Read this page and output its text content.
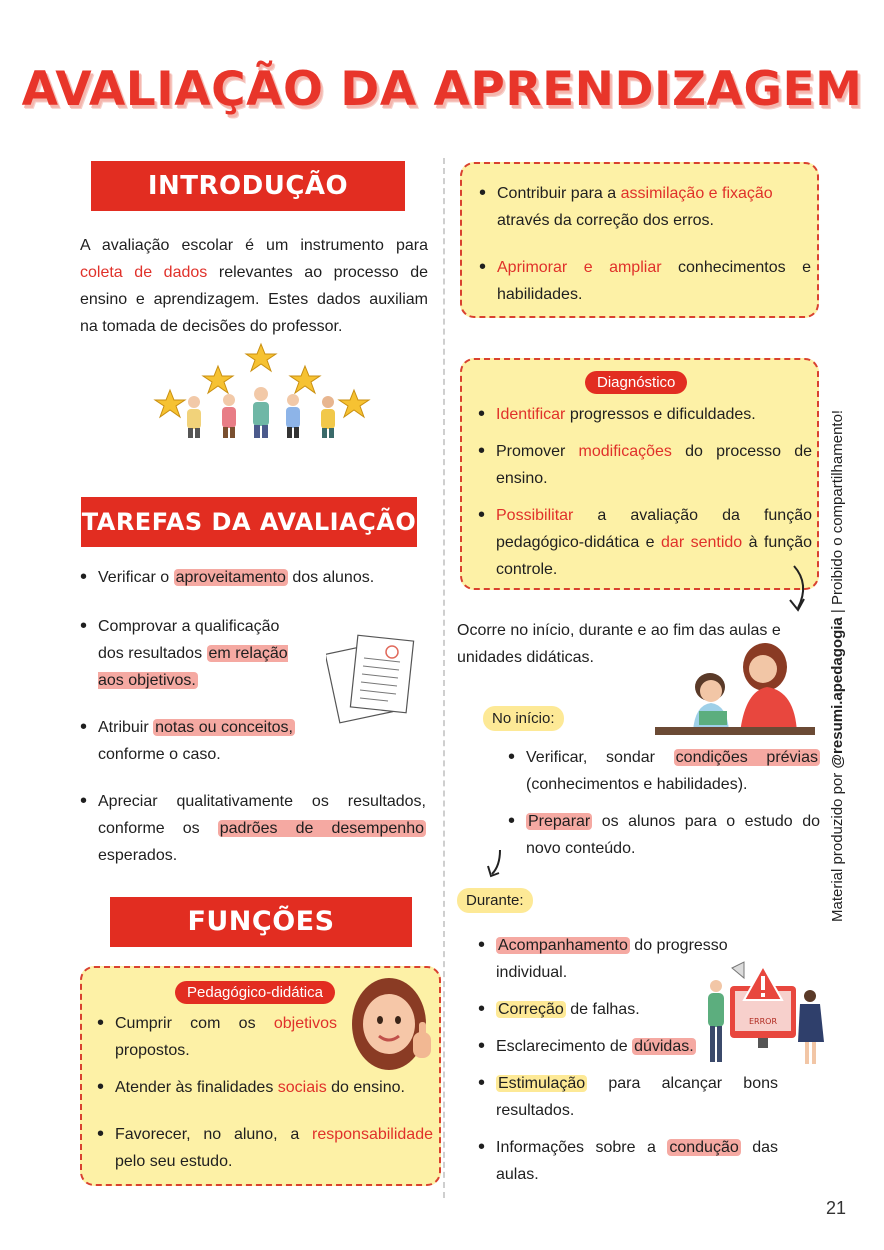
AVALIAÇÃO DA APRENDIZAGEM
INTRODUÇÃO
A avaliação escolar é um instrumento para coleta de dados relevantes ao processo de ensino e aprendizagem. Estes dados auxiliam na tomada de decisões do professor.
TAREFAS DA AVALIAÇÃO
• Verificar o aproveitamento dos alunos.
• Comprovar a qualificação dos resultados em relação aos objetivos.
• Atribuir notas ou conceitos, conforme o caso.
• Apreciar qualitativamente os resultados, conforme os padrões de desempenho esperados.
FUNÇÕES
Pedagógico-didática
• Cumprir com os objetivos propostos.
• Atender às finalidades sociais do ensino.
• Favorecer, no aluno, a responsabilidade pelo seu estudo.
• Contribuir para a assimilação e fixação através da correção dos erros.
• Aprimorar e ampliar conhecimentos e habilidades.
Diagnóstico
• Identificar progressos e dificuldades.
• Promover modificações do processo de ensino.
• Possibilitar a avaliação da função pedagógico-didática e dar sentido à função controle.
Ocorre no início, durante e ao fim das aulas e unidades didáticas.
No início:
• Verificar, sondar condições prévias (conhecimentos e habilidades).
• Preparar os alunos para o estudo do novo conteúdo.
Durante:
• Acompanhamento do progresso individual.
• Correção de falhas.
• Esclarecimento de dúvidas.
• Estimulação para alcançar bons resultados.
• Informações sobre a condução das aulas.
ERROR
Material produzido por @resumi.apedagogia | Proibido o compartilhamento!
21
